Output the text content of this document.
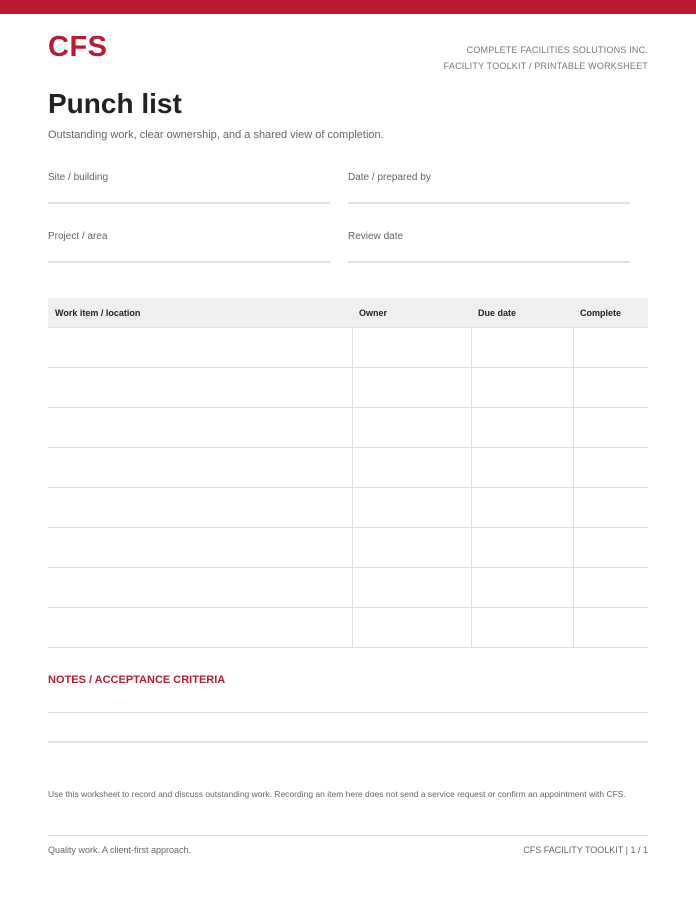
CFS	COMPLETE FACILITIES SOLUTIONS INC.
FACILITY TOOLKIT / PRINTABLE WORKSHEET
Punch list
Outstanding work, clear ownership, and a shared view of completion.
Site / building	Date / prepared by
Project / area	Review date
Work item / location	Owner	Due date	Complete

NOTES / ACCEPTANCE CRITERIA
Use this worksheet to record and discuss outstanding work. Recording an item here does not send a service request or confirm an appointment with CFS.
Quality work. A client-first approach.	CFS FACILITY TOOLKIT | 1 / 1
